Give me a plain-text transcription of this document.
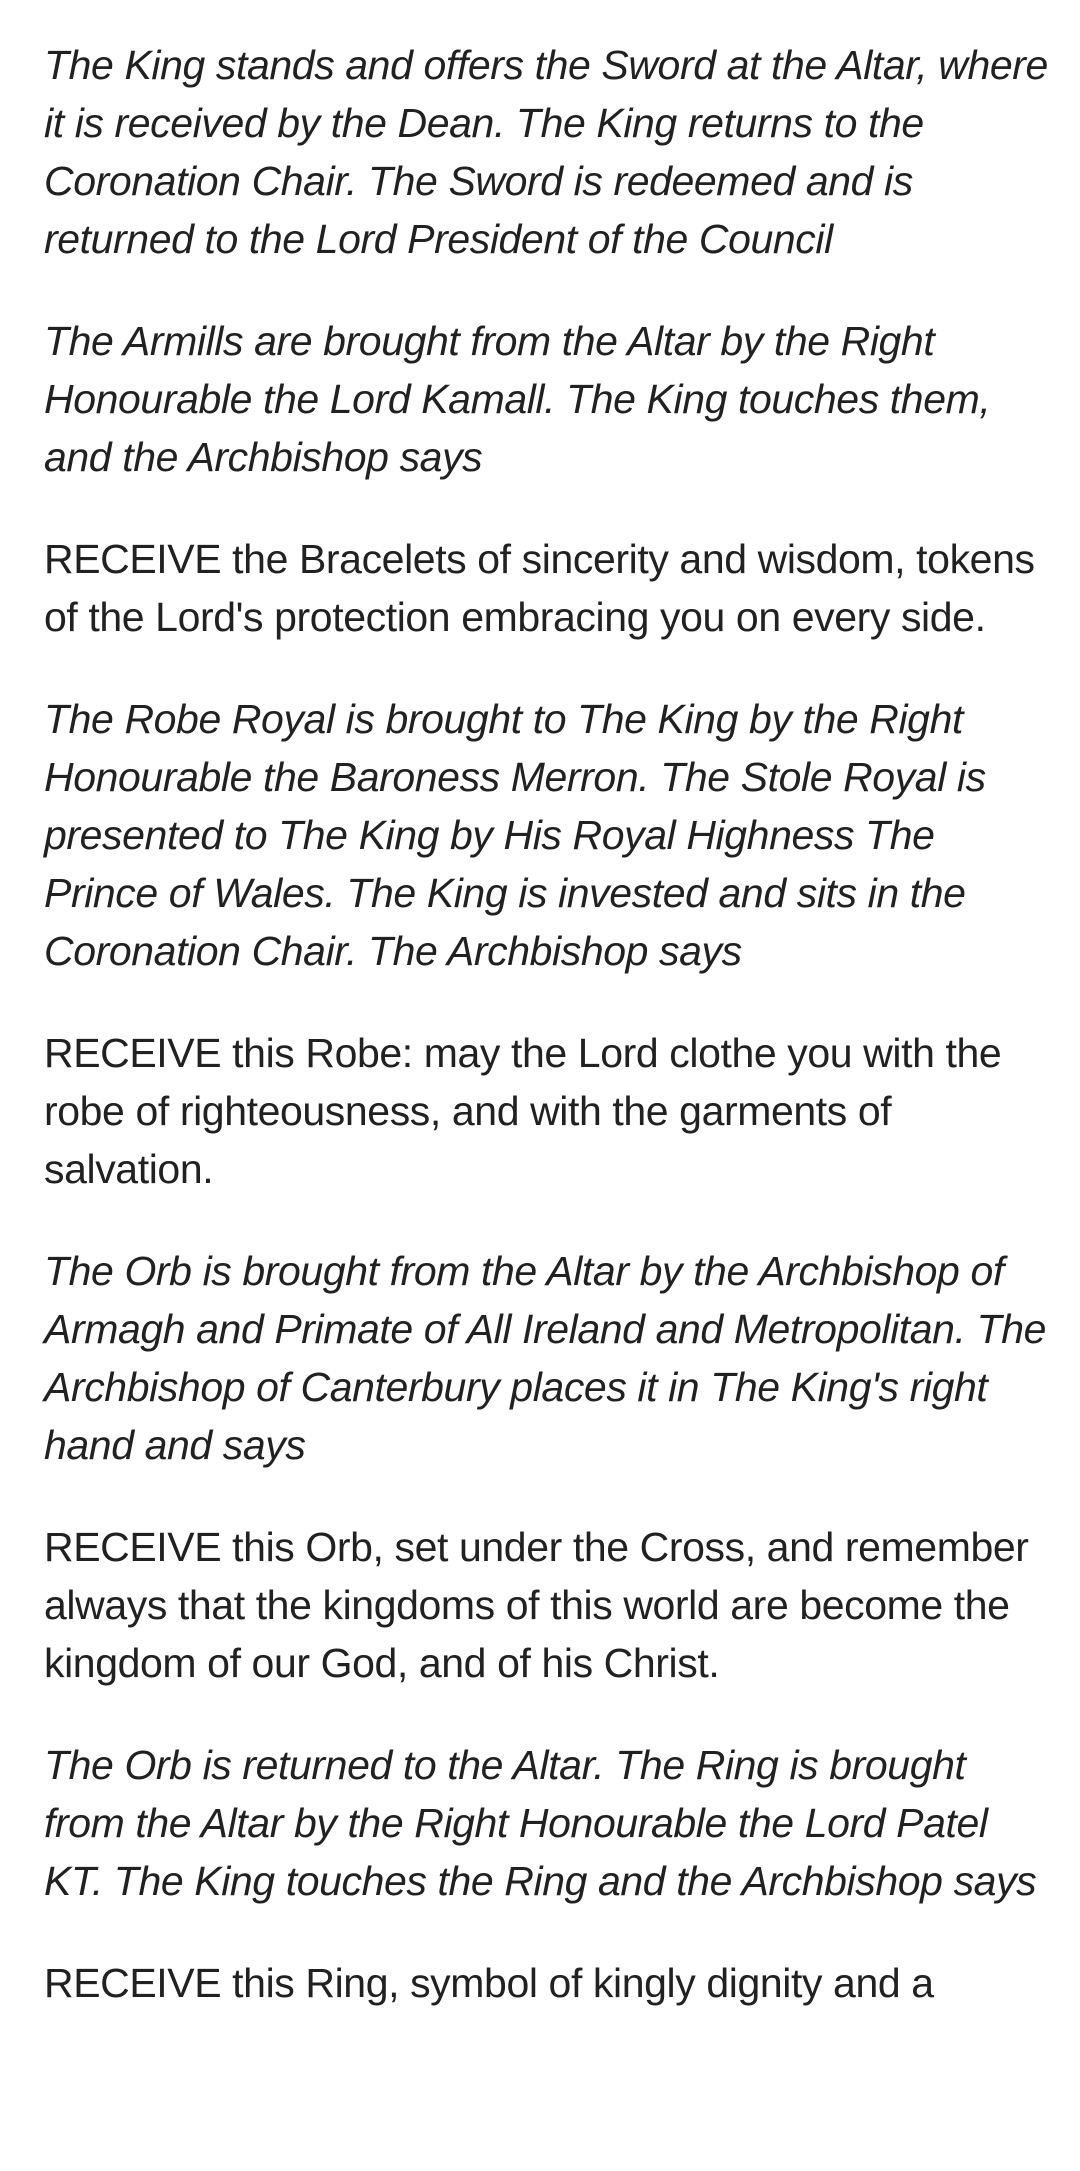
The King stands and offers the Sword at the Altar, where it is received by the Dean. The King returns to the Coronation Chair. The Sword is redeemed and is returned to the Lord President of the Council

The Armills are brought from the Altar by the Right Honourable the Lord Kamall. The King touches them, and the Archbishop says

RECEIVE the Bracelets of sincerity and wisdom, tokens of the Lord's protection embracing you on every side.

The Robe Royal is brought to The King by the Right Honourable the Baroness Merron. The Stole Royal is presented to The King by His Royal Highness The Prince of Wales. The King is invested and sits in the Coronation Chair. The Archbishop says

RECEIVE this Robe: may the Lord clothe you with the robe of righteousness, and with the garments of salvation.

The Orb is brought from the Altar by the Archbishop of Armagh and Primate of All Ireland and Metropolitan. The Archbishop of Canterbury places it in The King's right hand and says

RECEIVE this Orb, set under the Cross, and remember always that the kingdoms of this world are become the kingdom of our God, and of his Christ.

The Orb is returned to the Altar. The Ring is brought from the Altar by the Right Honourable the Lord Patel KT. The King touches the Ring and the Archbishop says

RECEIVE this Ring, symbol of kingly dignity and a
